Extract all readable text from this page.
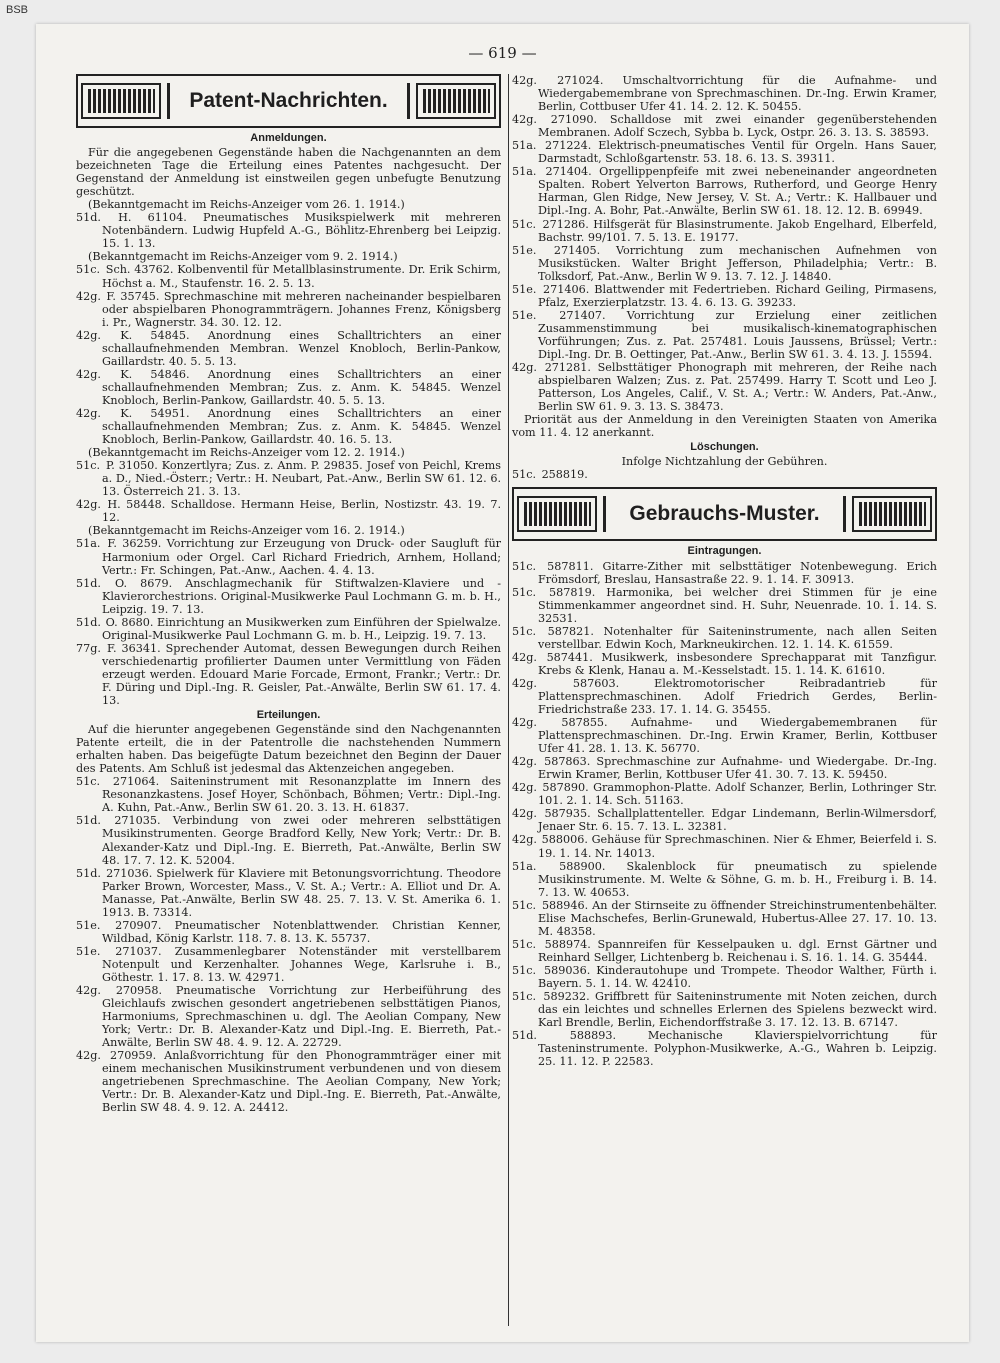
BSB
— 619 —
Patent-Nachrichten.
Anmeldungen.

Für die angegebenen Gegenstände haben die Nachgenannten an dem bezeichneten Tage die Erteilung eines Patentes nachgesucht. Der Gegenstand der Anmeldung ist einstweilen gegen unbefugte Benutzung geschützt.

(Bekanntgemacht im Reichs-Anzeiger vom 26. 1. 1914.)

51d. H. 61104. Pneumatisches Musikspielwerk mit mehreren Notenbändern. Ludwig Hupfeld A.-G., Böhlitz-Ehrenberg bei Leipzig. 15. 1. 13.

(Bekanntgemacht im Reichs-Anzeiger vom 9. 2. 1914.)

51c. Sch. 43762. Kolbenventil für Metallblasinstrumente. Dr. Erik Schirm, Höchst a. M., Staufenstr. 16. 2. 5. 13.

42g. F. 35745. Sprechmaschine mit mehreren nacheinander bespielbaren oder abspielbaren Phonogrammträgern. Johannes Frenz, Königsberg i. Pr., Wagnerstr. 34. 30. 12. 12.

42g. K. 54845. Anordnung eines Schalltrichters an einer schallaufnehmenden Membran. Wenzel Knobloch, Berlin-Pankow, Gaillardstr. 40. 5. 5. 13.

42g. K. 54846. Anordnung eines Schalltrichters an einer schallaufnehmenden Membran; Zus. z. Anm. K. 54845. Wenzel Knobloch, Berlin-Pankow, Gaillardstr. 40. 5. 5. 13.

42g. K. 54951. Anordnung eines Schalltrichters an einer schallaufnehmenden Membran; Zus. z. Anm. K. 54845. Wenzel Knobloch, Berlin-Pankow, Gaillardstr. 40. 16. 5. 13.

(Bekanntgemacht im Reichs-Anzeiger vom 12. 2. 1914.)

51c. P. 31050. Konzertlyra; Zus. z. Anm. P. 29835. Josef von Peichl, Krems a. D., Nied.-Österr.; Vertr.: H. Neubart, Pat.-Anw., Berlin SW 61. 12. 6. 13. Österreich 21. 3. 13.

42g. H. 58448. Schalldose. Hermann Heise, Berlin, Nostizstr. 43. 19. 7. 12.

(Bekanntgemacht im Reichs-Anzeiger vom 16. 2. 1914.)

51a. F. 36259. Vorrichtung zur Erzeugung von Druck- oder Saugluft für Harmonium oder Orgel. Carl Richard Friedrich, Arnhem, Holland; Vertr.: Fr. Schingen, Pat.-Anw., Aachen. 4. 4. 13.

51d. O. 8679. Anschlagmechanik für Stiftwalzen-Klaviere und -Klavierorchestrions. Original-Musikwerke Paul Lochmann G. m. b. H., Leipzig. 19. 7. 13.

51d. O. 8680. Einrichtung an Musikwerken zum Einführen der Spielwalze. Original-Musikwerke Paul Lochmann G. m. b. H., Leipzig. 19. 7. 13.

77g. F. 36341. Sprechender Automat, dessen Bewegungen durch Reihen verschiedenartig profilierter Daumen unter Vermittlung von Fäden erzeugt werden. Edouard Marie Forcade, Ermont, Frankr.; Vertr.: Dr. F. Düring und Dipl.-Ing. R. Geisler, Pat.-Anwälte, Berlin SW 61. 17. 4. 13.

Erteilungen.

Auf die hierunter angegebenen Gegenstände sind den Nachgenannten Patente erteilt, die in der Patentrolle die nachstehenden Nummern erhalten haben. Das beigefügte Datum bezeichnet den Beginn der Dauer des Patents. Am Schluß ist jedesmal das Aktenzeichen angegeben.

51c. 271064. Saiteninstrument mit Resonanzplatte im Innern des Resonanzkastens. Josef Hoyer, Schönbach, Böhmen; Vertr.: Dipl.-Ing. A. Kuhn, Pat.-Anw., Berlin SW 61. 20. 3. 13. H. 61837.

51d. 271035. Verbindung von zwei oder mehreren selbsttätigen Musikinstrumenten. George Bradford Kelly, New York; Vertr.: Dr. B. Alexander-Katz und Dipl.-Ing. E. Bierreth, Pat.-Anwälte, Berlin SW 48. 17. 7. 12. K. 52004.

51d. 271036. Spielwerk für Klaviere mit Betonungsvorrichtung. Theodore Parker Brown, Worcester, Mass., V. St. A.; Vertr.: A. Elliot und Dr. A. Manasse, Pat.-Anwälte, Berlin SW 48. 25. 7. 13. V. St. Amerika 6. 1. 1913. B. 73314.

51e. 270907. Pneumatischer Notenblattwender. Christian Kenner, Wildbad, König Karlstr. 118. 7. 8. 13. K. 55737.

51e. 271037. Zusammenlegbarer Notenständer mit verstellbarem Notenpult und Kerzenhalter. Johannes Wege, Karlsruhe i. B., Göthestr. 1. 17. 8. 13. W. 42971.

42g. 270958. Pneumatische Vorrichtung zur Herbeiführung des Gleichlaufs zwischen gesondert angetriebenen selbsttätigen Pianos, Harmoniums, Sprechmaschinen u. dgl. The Aeolian Company, New York; Vertr.: Dr. B. Alexander-Katz und Dipl.-Ing. E. Bierreth, Pat.-Anwälte, Berlin SW 48. 4. 9. 12. A. 22729.

42g. 270959. Anlaßvorrichtung für den Phonogrammträger einer mit einem mechanischen Musikinstrument verbundenen und von diesem angetriebenen Sprechmaschine. The Aeolian Company, New York; Vertr.: Dr. B. Alexander-Katz und Dipl.-Ing. E. Bierreth, Pat.-Anwälte, Berlin SW 48. 4. 9. 12. A. 24412.

42g. 271024. Umschaltvorrichtung für die Aufnahme- und Wiedergabemembrane von Sprechmaschinen. Dr.-Ing. Erwin Kramer, Berlin, Cottbuser Ufer 41. 14. 2. 12. K. 50455.

42g. 271090. Schalldose mit zwei einander gegenüberstehenden Membranen. Adolf Sczech, Sybba b. Lyck, Ostpr. 26. 3. 13. S. 38593.

51a. 271224. Elektrisch-pneumatisches Ventil für Orgeln. Hans Sauer, Darmstadt, Schloßgartenstr. 53. 18. 6. 13. S. 39311.

51a. 271404. Orgellippenpfeife mit zwei nebeneinander angeordneten Spalten. Robert Yelverton Barrows, Rutherford, und George Henry Harman, Glen Ridge, New Jersey, V. St. A.; Vertr.: K. Hallbauer und Dipl.-Ing. A. Bohr, Pat.-Anwälte, Berlin SW 61. 18. 12. 12. B. 69949.

51c. 271286. Hilfsgerät für Blasinstrumente. Jakob Engelhard, Elberfeld, Bachstr. 99/101. 7. 5. 13. E. 19177.

51e. 271405. Vorrichtung zum mechanischen Aufnehmen von Musikstücken. Walter Bright Jefferson, Philadelphia; Vertr.: B. Tolksdorf, Pat.-Anw., Berlin W 9. 13. 7. 12. J. 14840.

51e. 271406. Blattwender mit Federtrieben. Richard Geiling, Pirmasens, Pfalz, Exerzierplatzstr. 13. 4. 6. 13. G. 39233.

51e. 271407. Vorrichtung zur Erzielung einer zeitlichen Zusammenstimmung bei musikalisch-kinematographischen Vorführungen; Zus. z. Pat. 257481. Louis Jaussens, Brüssel; Vertr.: Dipl.-Ing. Dr. B. Oettinger, Pat.-Anw., Berlin SW 61. 3. 4. 13. J. 15594.

42g. 271281. Selbsttätiger Phonograph mit mehreren, der Reihe nach abspielbaren Walzen; Zus. z. Pat. 257499. Harry T. Scott und Leo J. Patterson, Los Angeles, Calif., V. St. A.; Vertr.: W. Anders, Pat.-Anw., Berlin SW 61. 9. 3. 13. S. 38473.

Priorität aus der Anmeldung in den Vereinigten Staaten von Amerika vom 11. 4. 12 anerkannt.

Löschungen.
Infolge Nichtzahlung der Gebühren.

51c. 258819.

Gebrauchs-Muster.
Eintragungen.

51c. 587811. Gitarre-Zither mit selbsttätiger Notenbewegung. Erich Frömsdorf, Breslau, Hansastraße 22. 9. 1. 14. F. 30913.

51c. 587819. Harmonika, bei welcher drei Stimmen für je eine Stimmenkammer angeordnet sind. H. Suhr, Neuenrade. 10. 1. 14. S. 32531.

51c. 587821. Notenhalter für Saiteninstrumente, nach allen Seiten verstellbar. Edwin Koch, Markneukirchen. 12. 1. 14. K. 61559.

42g. 587441. Musikwerk, insbesondere Sprechapparat mit Tanzfigur. Krebs & Klenk, Hanau a. M.-Kesselstadt. 15. 1. 14. K. 61610.

42g.	587603. Elektromotorischer Reibradantrieb für Plattensprechmaschinen. Adolf Friedrich Gerdes, Berlin-Friedrichstraße 233. 17. 1. 14. G. 35455.

42g. 587855. Aufnahme- und Wiedergabemembranen für Plattensprechmaschinen. Dr.-Ing. Erwin Kramer, Berlin, Kottbuser Ufer 41. 28. 1. 13. K. 56770.

42g. 587863. Sprechmaschine zur Aufnahme- und Wiedergabe. Dr.-Ing. Erwin Kramer, Berlin, Kottbuser Ufer 41. 30. 7. 13. K. 59450.

42g. 587890. Grammophon-Platte. Adolf Schanzer, Berlin, Lothringer Str. 101. 2. 1. 14. Sch. 51163.

42g. 587935. Schallplattenteller. Edgar Lindemann, Berlin-Wilmersdorf, Jenaer Str. 6. 15. 7. 13. L. 32381.

42g. 588006. Gehäuse für Sprechmaschinen. Nier & Ehmer, Beierfeld i. S. 19. 1. 14. Nr. 14013.

51a. 588900. Skalenblock für pneumatisch zu spielende Musikinstrumente. M. Welte & Söhne, G. m. b. H., Freiburg i. B. 14. 7. 13. W. 40653.

51c. 588946. An der Stirnseite zu öffnender Streichinstrumentenbehälter. Elise Machschefes, Berlin-Grunewald, Hubertus-Allee 27. 17. 10. 13. M. 48358.

51c. 588974. Spannreifen für Kesselpauken u. dgl. Ernst Gärtner und Reinhard Sellger, Lichtenberg b. Reichenau i. S. 16. 1. 14. G. 35444.

51c. 589036. Kinderautohupe und Trompete. Theodor Walther, Fürth i. Bayern. 5. 1. 14. W. 42410.

51c. 589232. Griffbrett für Saiteninstrumente mit Noten zeichen, durch das ein leichtes und schnelles Erlernen des Spielens bezweckt wird. Karl Brendle, Berlin, Eichendorffstraße 3. 17. 12. 13. B. 67147.

51d.	588893. Mechanische Klavierspielvorrichtung für Tasteninstrumente. Polyphon-Musikwerke, A.-G., Wahren b. Leipzig. 25. 11. 12. P. 22583.
